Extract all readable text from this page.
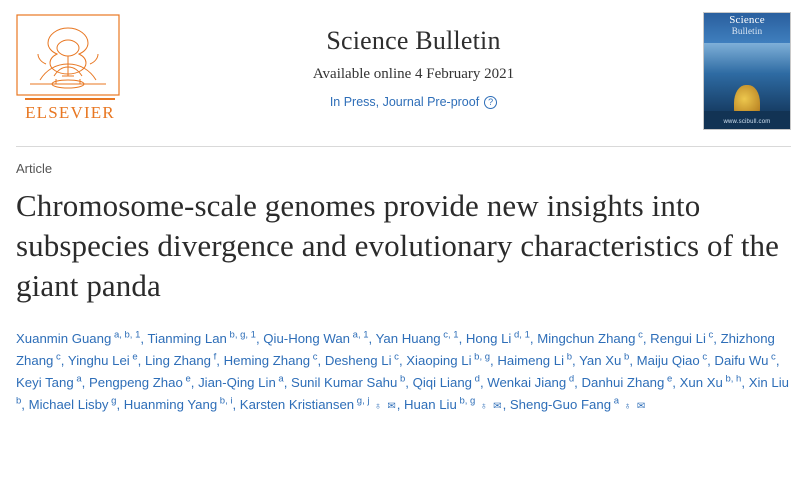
ELSEVIER
Science Bulletin
Available online 4 February 2021
In Press, Journal Pre-proof ?
Science
Bulletin
www.scibull.com
Article
Chromosome-scale genomes provide new insights into subspecies divergence and evolutionary characteristics of the giant panda
Xuanmin Guang $^{a, b, 1}$, Tianming Lan $^{b, g, 1}$, Qiu-Hong Wan $^{a, 1}$, Yan Huang $^{c, 1}$, Hong Li $^{d, 1}$, Mingchun Zhang $^c$, Rengui Li $^c$, Zhizhong Zhang $^c$, Yinghu Lei $^e$, Ling Zhang $^f$, Heming Zhang $^c$, Desheng Li $^c$, Xiaoping Li $^{b, g}$, Haimeng Li $^b$, Yan Xu $^b$, Maiju Qiao $^c$, Daifu Wu $^c$, Keyi Tang $^a$, Pengpeng Zhao $^e$, Jian-Qing Lin $^a$, Sunil Kumar Sahu $^b$, Qiqi Liang $^d$, Wenkai Jiang $^d$, Danhui Zhang $^e$, Xun Xu $^{b, h}$, Xin Liu $^b$, Michael Lisby $^g$, Huanming Yang $^{b, i}$, Karsten Kristiansen $^{g, j}$ ♁ ✉, Huan Liu $^{b, g}$ ♁ ✉, Sheng-Guo Fang $^a$ ♁ ✉
